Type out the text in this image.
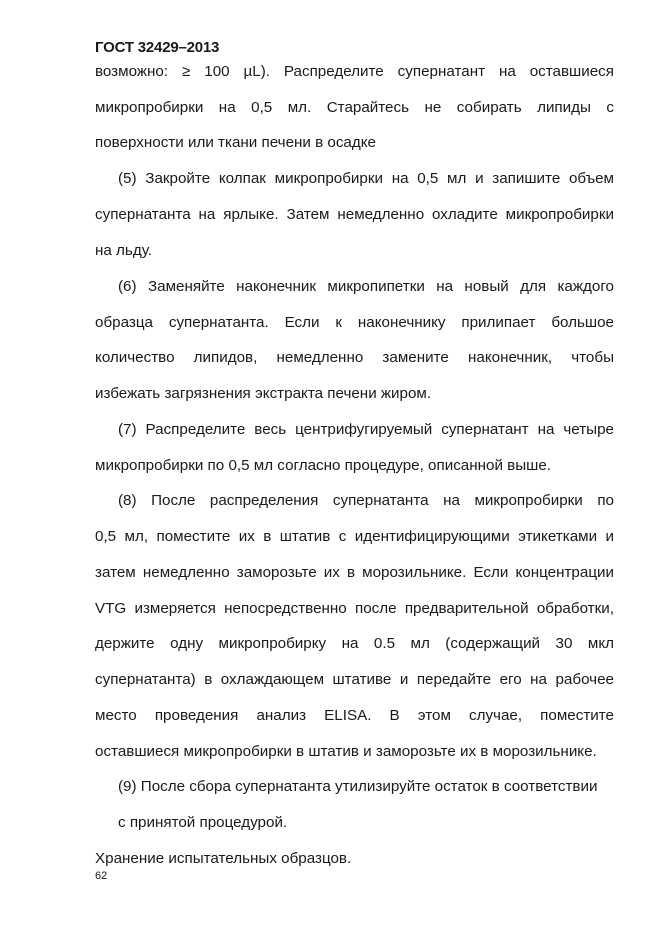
ГОСТ 32429–2013
возможно: ≥ 100 µL). Распределите супернатант на оставшиеся
микропробирки на 0,5 мл. Старайтесь не собирать липиды с
поверхности или ткани печени в осадке
(5) Закройте колпак микропробирки на 0,5 мл и запишите объем
супернатанта на ярлыке. Затем немедленно охладите микропробирки
на льду.
(6) Заменяйте наконечник микропипетки на новый для каждого
образца супернатанта. Если к наконечнику прилипает большое
количество липидов, немедленно замените наконечник, чтобы
избежать загрязнения экстракта печени жиром.
(7) Распределите весь центрифугируемый супернатант на четыре
микропробирки по 0,5 мл согласно процедуре, описанной выше.
(8) После распределения супернатанта на микропробирки по
0,5 мл, поместите их в штатив с идентифицирующими этикетками и
затем немедленно заморозьте их в морозильнике. Если концентрации
VTG измеряется непосредственно после предварительной обработки,
держите одну микропробирку на 0.5 мл (содержащий 30 мкл
супернатанта) в охлаждающем штативе и передайте его на рабочее
место проведения анализ ELISA. В этом случае, поместите
оставшиеся микропробирки в штатив и заморозьте их в морозильнике.
(9) После сбора супернатанта утилизируйте остаток в соответствии
с принятой процедурой.
Хранение испытательных образцов.
62
